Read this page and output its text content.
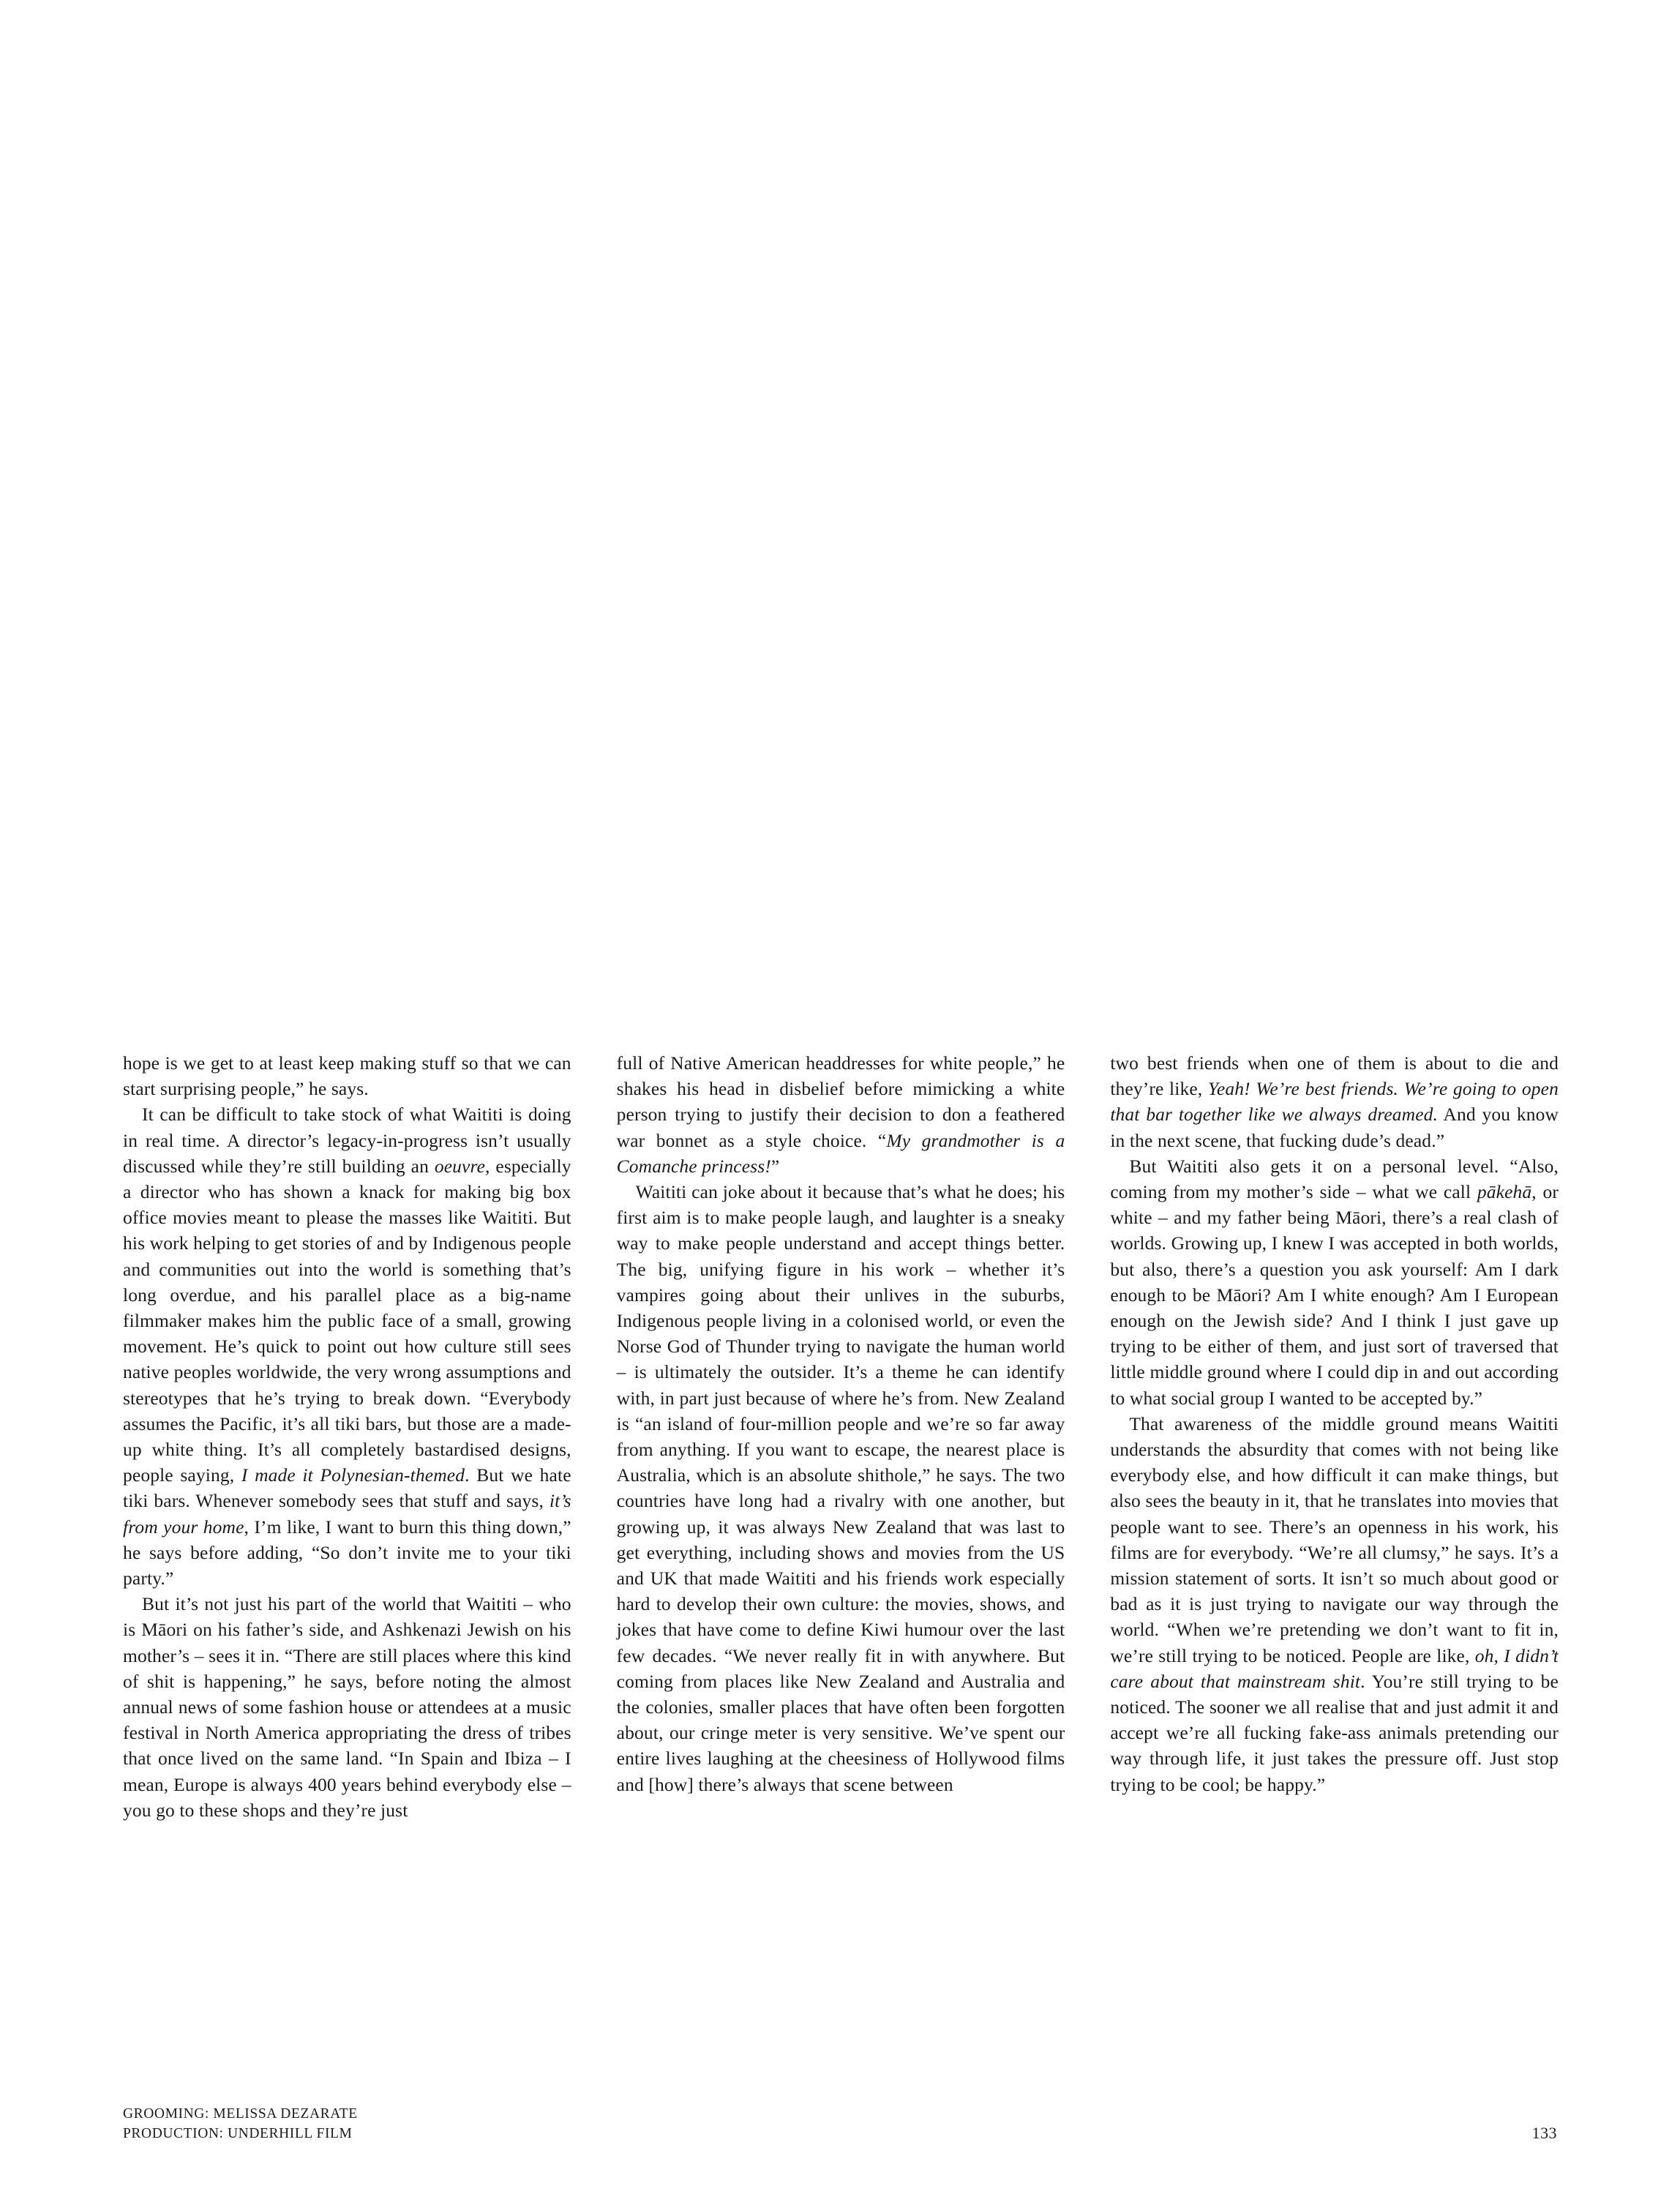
hope is we get to at least keep making stuff so that we can start surprising people,” he says.

It can be difficult to take stock of what Waititi is doing in real time. A director’s legacy-in-progress isn’t usually discussed while they’re still building an oeuvre, especially a director who has shown a knack for making big box office movies meant to please the masses like Waititi. But his work helping to get stories of and by Indigenous people and communities out into the world is something that’s long overdue, and his parallel place as a big-name filmmaker makes him the public face of a small, growing movement. He’s quick to point out how culture still sees native peoples worldwide, the very wrong assumptions and stereotypes that he’s trying to break down. “Everybody assumes the Pacific, it’s all tiki bars, but those are a made-up white thing. It’s all completely bastardised designs, people saying, I made it Polynesian-themed. But we hate tiki bars. Whenever somebody sees that stuff and says, it’s from your home, I’m like, I want to burn this thing down,” he says before adding, “So don’t invite me to your tiki party.”

But it’s not just his part of the world that Waititi – who is Māori on his father’s side, and Ashkenazi Jewish on his mother’s – sees it in. “There are still places where this kind of shit is happening,” he says, before noting the almost annual news of some fashion house or attendees at a music festival in North America appropriating the dress of tribes that once lived on the same land. “In Spain and Ibiza – I mean, Europe is always 400 years behind everybody else – you go to these shops and they’re just

full of Native American headdresses for white people,” he shakes his head in disbelief before mimicking a white person trying to justify their decision to don a feathered war bonnet as a style choice. “My grandmother is a Comanche princess!”

Waititi can joke about it because that’s what he does; his first aim is to make people laugh, and laughter is a sneaky way to make people understand and accept things better. The big, unifying figure in his work – whether it’s vampires going about their unlives in the suburbs, Indigenous people living in a colonised world, or even the Norse God of Thunder trying to navigate the human world – is ultimately the outsider. It’s a theme he can identify with, in part just because of where he’s from. New Zealand is “an island of four-million people and we’re so far away from anything. If you want to escape, the nearest place is Australia, which is an absolute shithole,” he says. The two countries have long had a rivalry with one another, but growing up, it was always New Zealand that was last to get everything, including shows and movies from the US and UK that made Waititi and his friends work especially hard to develop their own culture: the movies, shows, and jokes that have come to define Kiwi humour over the last few decades. “We never really fit in with anywhere. But coming from places like New Zealand and Australia and the colonies, smaller places that have often been forgotten about, our cringe meter is very sensitive. We’ve spent our entire lives laughing at the cheesiness of Hollywood films and [how] there’s always that scene between

two best friends when one of them is about to die and they’re like, Yeah! We’re best friends. We’re going to open that bar together like we always dreamed. And you know in the next scene, that fucking dude’s dead.”

But Waititi also gets it on a personal level. “Also, coming from my mother’s side – what we call pākehā, or white – and my father being Māori, there’s a real clash of worlds. Growing up, I knew I was accepted in both worlds, but also, there’s a question you ask yourself: Am I dark enough to be Māori? Am I white enough? Am I European enough on the Jewish side? And I think I just gave up trying to be either of them, and just sort of traversed that little middle ground where I could dip in and out according to what social group I wanted to be accepted by.”

That awareness of the middle ground means Waititi understands the absurdity that comes with not being like everybody else, and how difficult it can make things, but also sees the beauty in it, that he translates into movies that people want to see. There’s an openness in his work, his films are for everybody. “We’re all clumsy,” he says. It’s a mission statement of sorts. It isn’t so much about good or bad as it is just trying to navigate our way through the world. “When we’re pretending we don’t want to fit in, we’re still trying to be noticed. People are like, oh, I didn’t care about that mainstream shit. You’re still trying to be noticed. The sooner we all realise that and just admit it and accept we’re all fucking fake-ass animals pretending our way through life, it just takes the pressure off. Just stop trying to be cool; be happy.”

GROOMING: MELISSA DEZARATE
PRODUCTION: UNDERHILL FILM	133
